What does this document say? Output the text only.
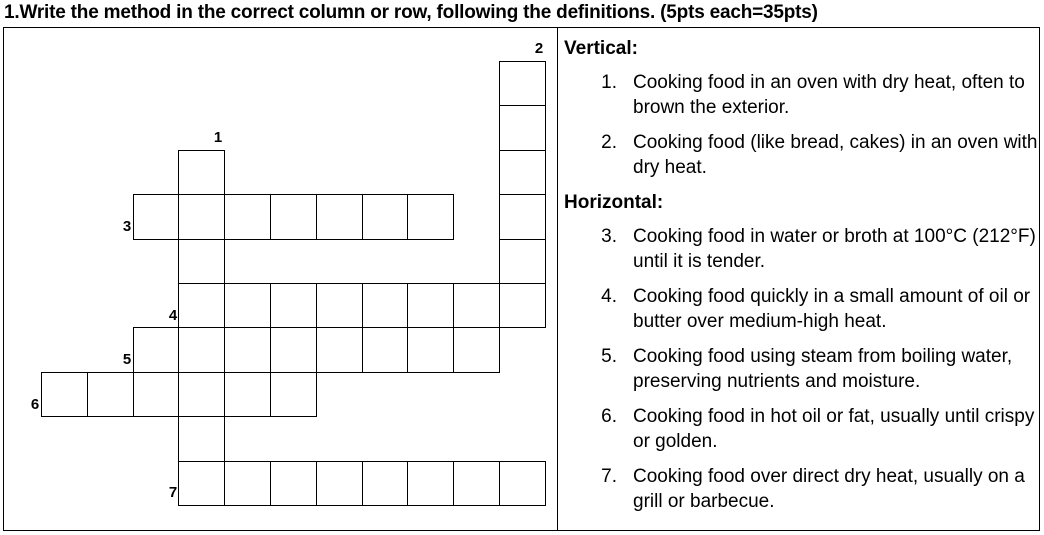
1.Write the method in the correct column or row, following the definitions. (5pts each=35pts)
1
2
3
4
5
6
7
Vertical:
1. Cooking food in an oven with dry heat, often to brown the exterior.
2. Cooking food (like bread, cakes) in an oven with dry heat.
Horizontal:
3. Cooking food in water or broth at 100°C (212°F) until it is tender.
4. Cooking food quickly in a small amount of oil or butter over medium-high heat.
5. Cooking food using steam from boiling water, preserving nutrients and moisture.
6. Cooking food in hot oil or fat, usually until crispy or golden.
7. Cooking food over direct dry heat, usually on a grill or barbecue.
